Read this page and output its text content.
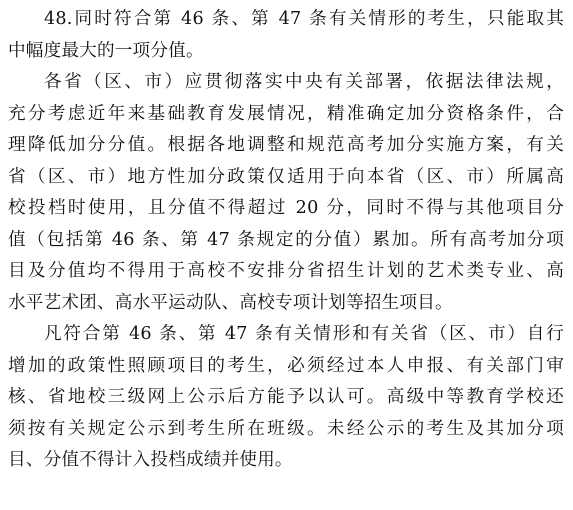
48.同时符合第 46 条、第 47 条有关情形的考生，只能取其
中幅度最大的一项分值。
各省（区、市）应贯彻落实中央有关部署，依据法律法规，
充分考虑近年来基础教育发展情况，精准确定加分资格条件，合
理降低加分分值。根据各地调整和规范高考加分实施方案，有关
省（区、市）地方性加分政策仅适用于向本省（区、市）所属高
校投档时使用，且分值不得超过 20 分，同时不得与其他项目分
值（包括第 46 条、第 47 条规定的分值）累加。所有高考加分项
目及分值均不得用于高校不安排分省招生计划的艺术类专业、高
水平艺术团、高水平运动队、高校专项计划等招生项目。
凡符合第 46 条、第 47 条有关情形和有关省（区、市）自行
增加的政策性照顾项目的考生，必须经过本人申报、有关部门审
核、省地校三级网上公示后方能予以认可。高级中等教育学校还
须按有关规定公示到考生所在班级。未经公示的考生及其加分项
目、分值不得计入投档成绩并使用。
